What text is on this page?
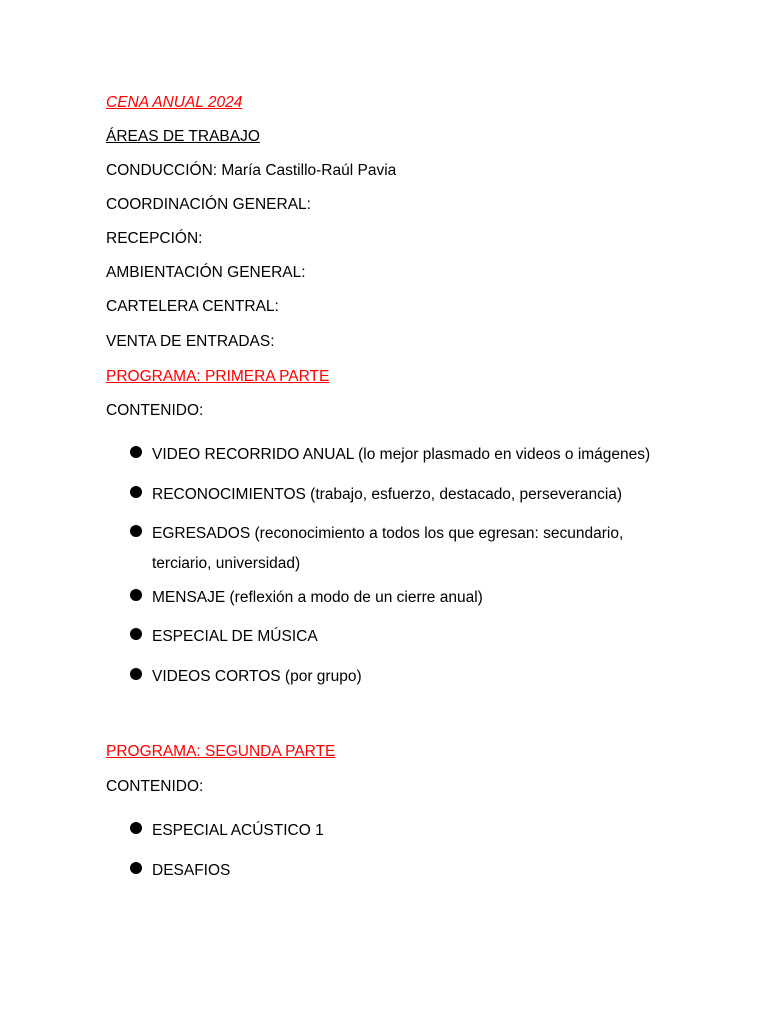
CENA ANUAL 2024
ÁREAS DE TRABAJO
CONDUCCIÓN: María Castillo-Raúl Pavia
COORDINACIÓN GENERAL:
RECEPCIÓN:
AMBIENTACIÓN GENERAL:
CARTELERA CENTRAL:
VENTA DE ENTRADAS:
PROGRAMA: PRIMERA PARTE
CONTENIDO:
VIDEO RECORRIDO ANUAL (lo mejor plasmado en videos o imágenes)
RECONOCIMIENTOS (trabajo, esfuerzo, destacado, perseverancia)
EGRESADOS (reconocimiento a todos los que egresan: secundario, terciario, universidad)
MENSAJE (reflexión a modo de un cierre anual)
ESPECIAL DE MÚSICA
VIDEOS CORTOS (por grupo)
PROGRAMA: SEGUNDA PARTE
CONTENIDO:
ESPECIAL ACÚSTICO 1
DESAFIOS
